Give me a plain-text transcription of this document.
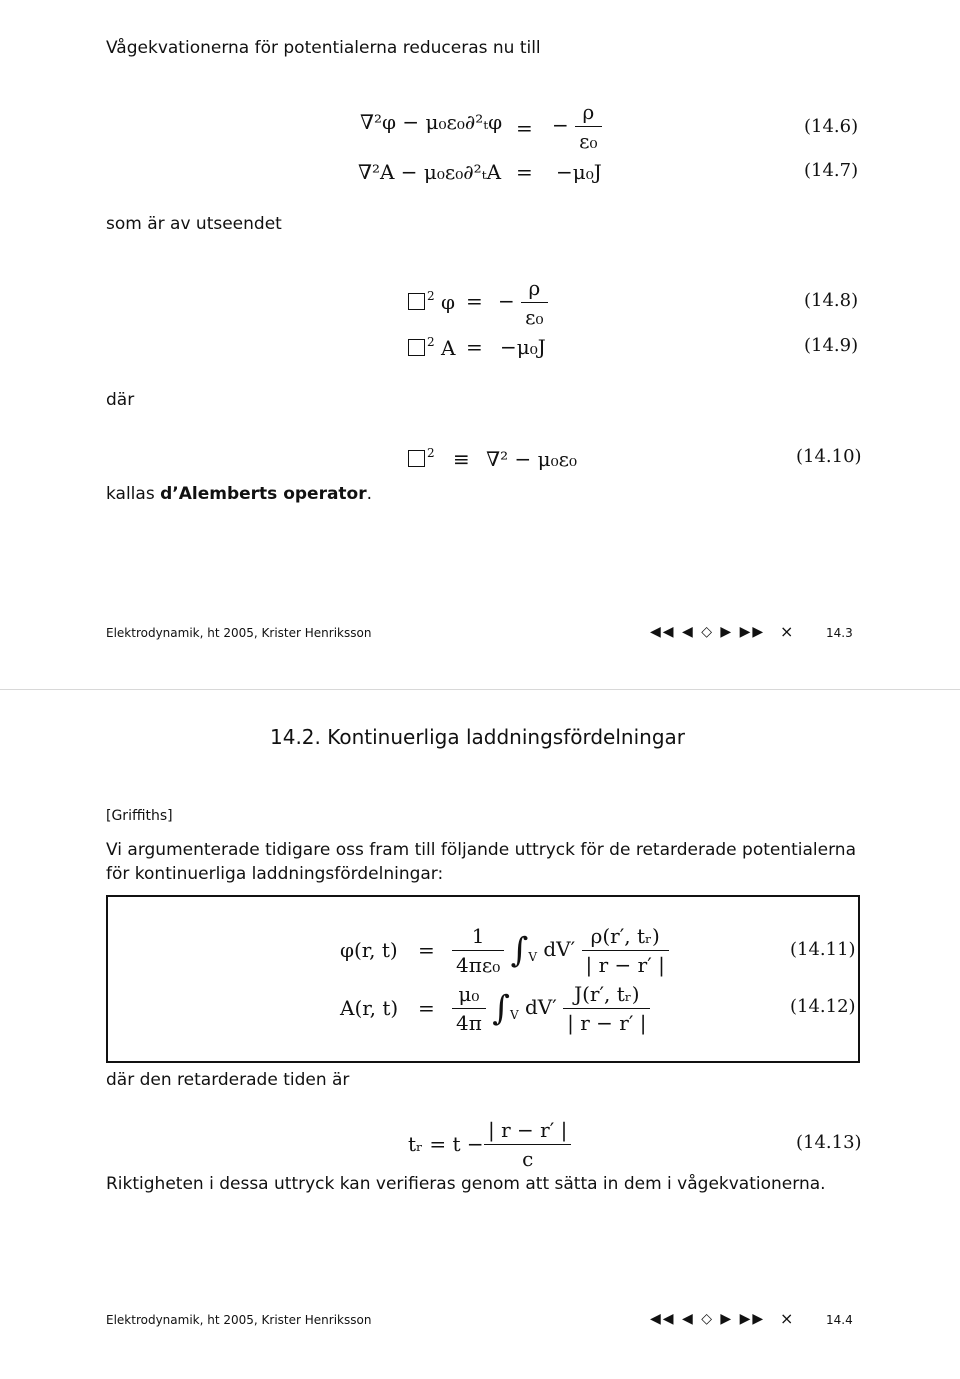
Vågekvationerna för potentialerna reduceras nu till
∇²φ − μ₀ε₀∂²ₜφ = − $\frac{\rho}{\text{ε₀}}$	(14.6)
∇²A − μ₀ε₀∂²ₜA = −μ₀J	(14.7)
som är av utseendet
$^2$ φ = − $\frac{\rho}{\text{ε₀}}$	(14.8)
$^2$ A = −μ₀J	(14.9)
där
$^2$ ≡ ∇² − μ₀ε₀	(14.10)
kallas d’Alemberts operator.
Elektrodynamik, ht 2005, Krister Henriksson	◀◀ ◀ ◇ ▶ ▶▶ ×	14.3
14.2. Kontinuerliga laddningsfördelningar
[Griffiths]
Vi argumenterade tidigare oss fram till följande uttryck för de retarderade potentialerna för kontinuerliga laddningsfördelningar:
φ(r, $t) = \frac{1}{\text{4πε₀}} \int_V$ $dV' \frac{\text{ρ(r′, tᵣ)}}{| r - r' |}$	(14.11)
A(r, $t) = \frac{\text{μ₀}}{4\pi} \int_V$ $dV' \frac{\text{J(r′, tᵣ)}}{| r - r' |}$	(14.12)
där den retarderade tiden är
tᵣ = $t - \frac{| r - r' |}{c}$	(14.13)
Riktigheten i dessa uttryck kan verifieras genom att sätta in dem i vågekvationerna.
Elektrodynamik, ht 2005, Krister Henriksson	◀◀ ◀ ◇ ▶ ▶▶ ×	14.4
